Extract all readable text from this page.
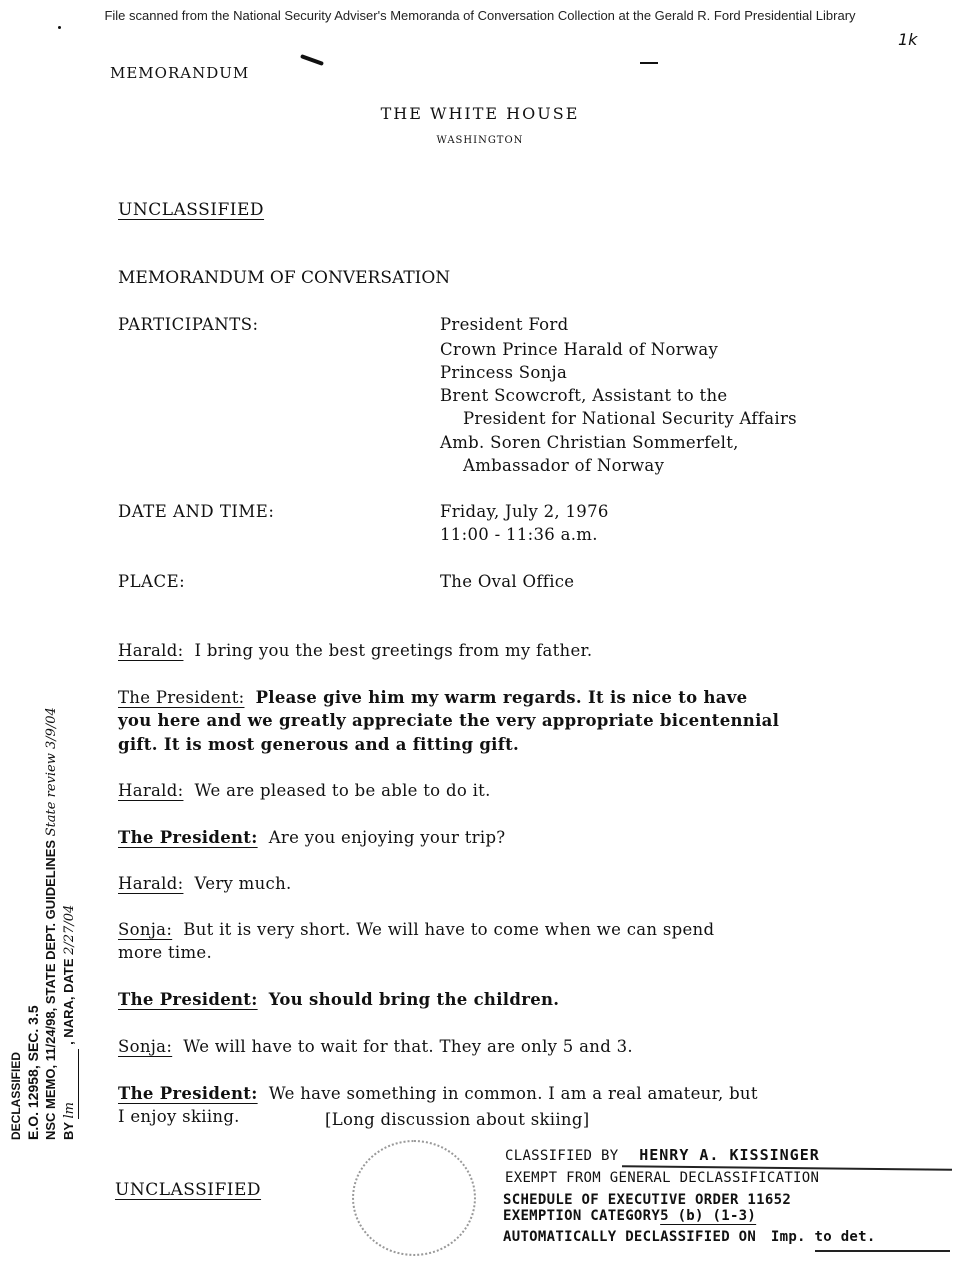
File scanned from the National Security Adviser's Memoranda of Conversation Collection at the Gerald R. Ford Presidential Library
1k
MEMORANDUM
THE WHITE HOUSE
WASHINGTON
UNCLASSIFIED
MEMORANDUM OF CONVERSATION
PARTICIPANTS:	President Ford
Crown Prince Harald of Norway
Princess Sonja
Brent Scowcroft, Assistant to the
President for National Security Affairs
Amb. Soren Christian Sommerfelt,
Ambassador of Norway
DATE AND TIME:	Friday, July 2, 1976
11:00 - 11:36 a.m.
PLACE:	The Oval Office
Harald: I bring you the best greetings from my father.
The President: Please give him my warm regards. It is nice to have
you here and we greatly appreciate the very appropriate bicentennial
gift. It is most generous and a fitting gift.
Harald: We are pleased to be able to do it.
The President: Are you enjoying your trip?
Harald: Very much.
Sonja: But it is very short. We will have to come when we can spend
more time.
The President: You should bring the children.
Sonja: We will have to wait for that. They are only 5 and 3.
The President: We have something in common. I am a real amateur, but
I enjoy skiing.	[Long discussion about skiing]
CLASSIFIED BY HENRY A. KISSINGER
EXEMPT FROM GENERAL DECLASSIFICATION
SCHEDULE OF EXECUTIVE ORDER 11652
EXEMPTION CATEGORY5 (b) (1-3)
AUTOMATICALLY DECLASSIFIED ON Imp. to det.
UNCLASSIFIED
DECLASSIFIED E.O. 12958, SEC. 3.5 NSC MEMO, 11/24/98, STATE DEPT. GUIDELINES State review 3/9/04
BY lm , NARA, DATE 2/27/04
